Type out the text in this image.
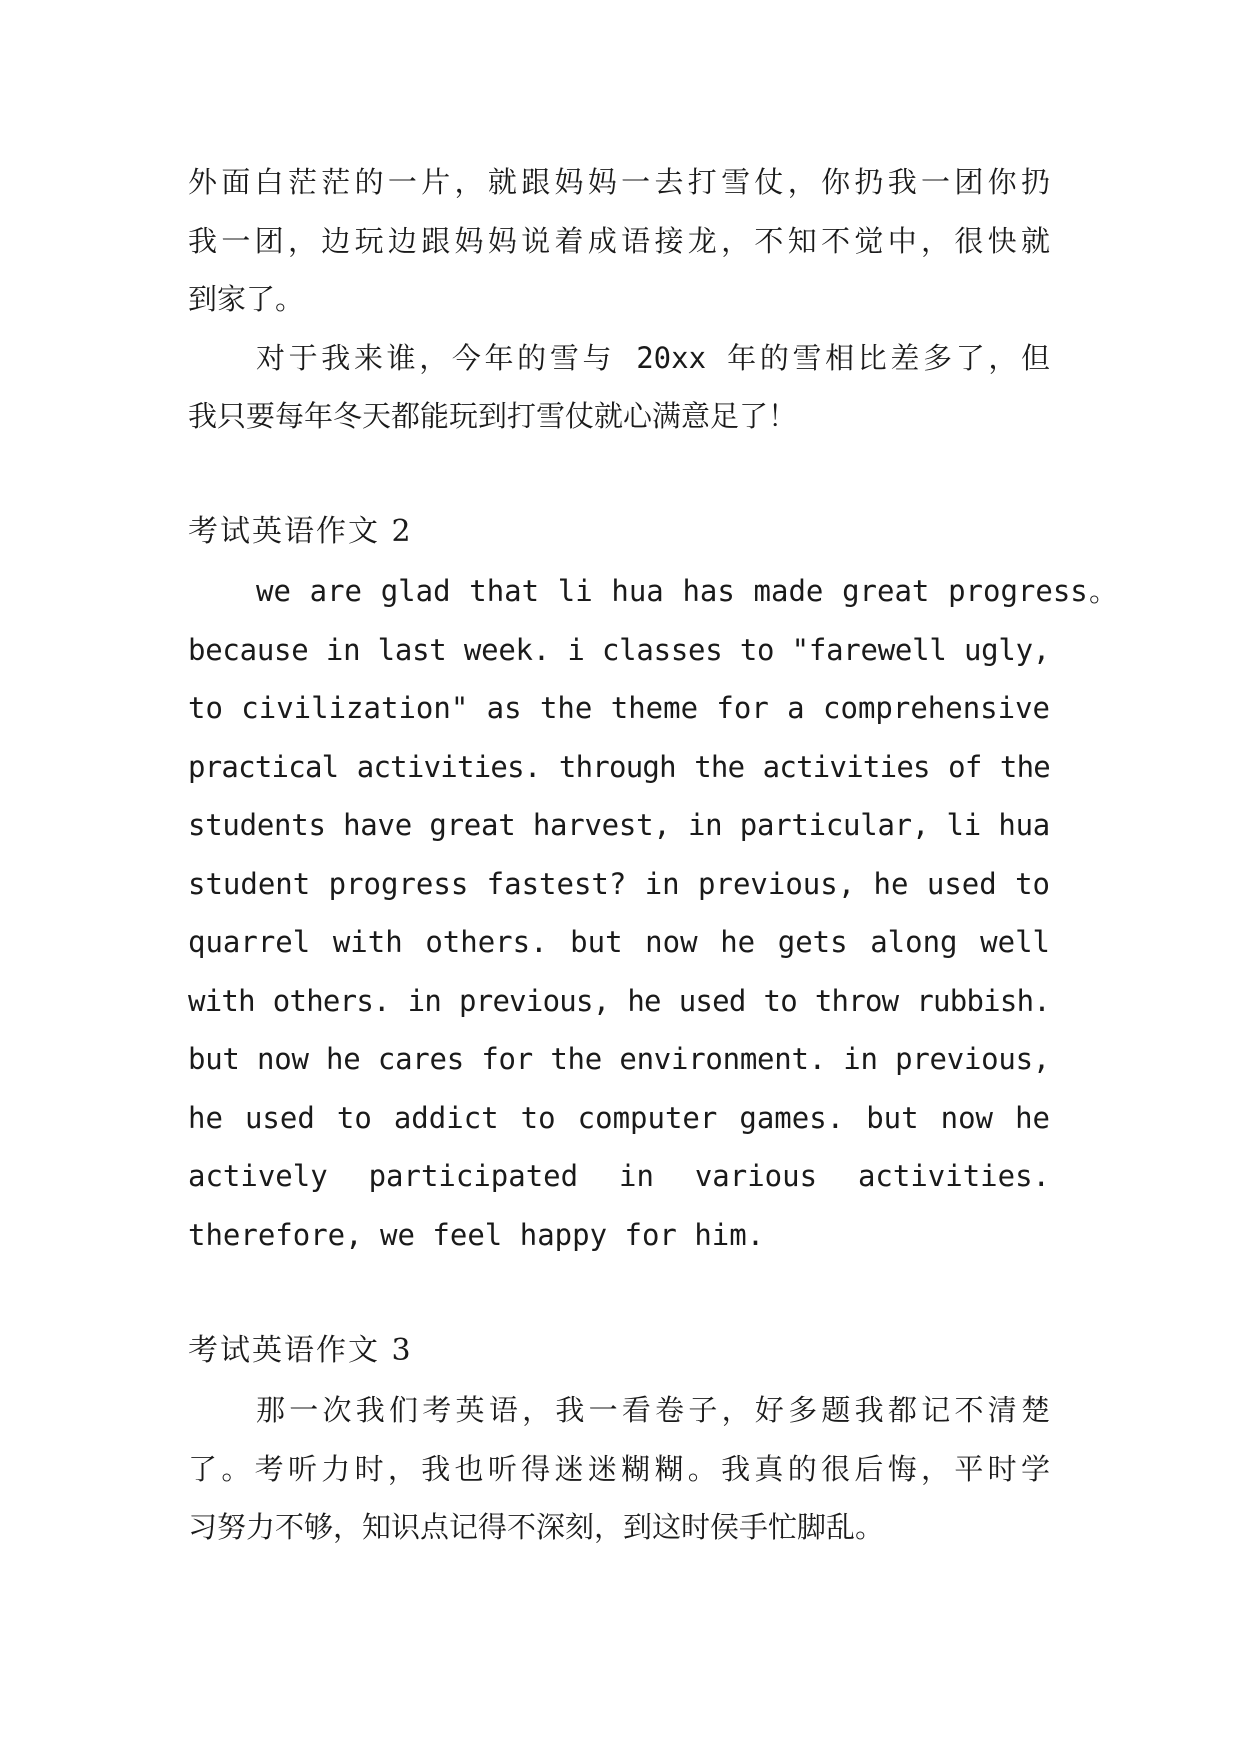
外面白茫茫的一片，就跟妈妈一去打雪仗，你扔我一团你扔
我一团，边玩边跟妈妈说着成语接龙，不知不觉中，很快就
到家了。
对于我来谁，今年的雪与 20xx 年的雪相比差多了，但
我只要每年冬天都能玩到打雪仗就心满意足了！
考试英语作文 2
we are glad that li hua has made great progress。
because in last week. i classes to "farewell ugly,
to civilization" as the theme for a comprehensive
practical activities. through the activities of the
students have great harvest, in particular, li hua
student progress fastest? in previous, he used to
quarrel with others. but now he gets along well
with others. in previous, he used to throw rubbish.
but now he cares for the environment. in previous,
he used to addict to computer games. but now he
actively participated in various activities.
therefore, we feel happy for him.
考试英语作文 3
那一次我们考英语，我一看卷子，好多题我都记不清楚
了。考听力时，我也听得迷迷糊糊。我真的很后悔，平时学
习努力不够，知识点记得不深刻，到这时侯手忙脚乱。
